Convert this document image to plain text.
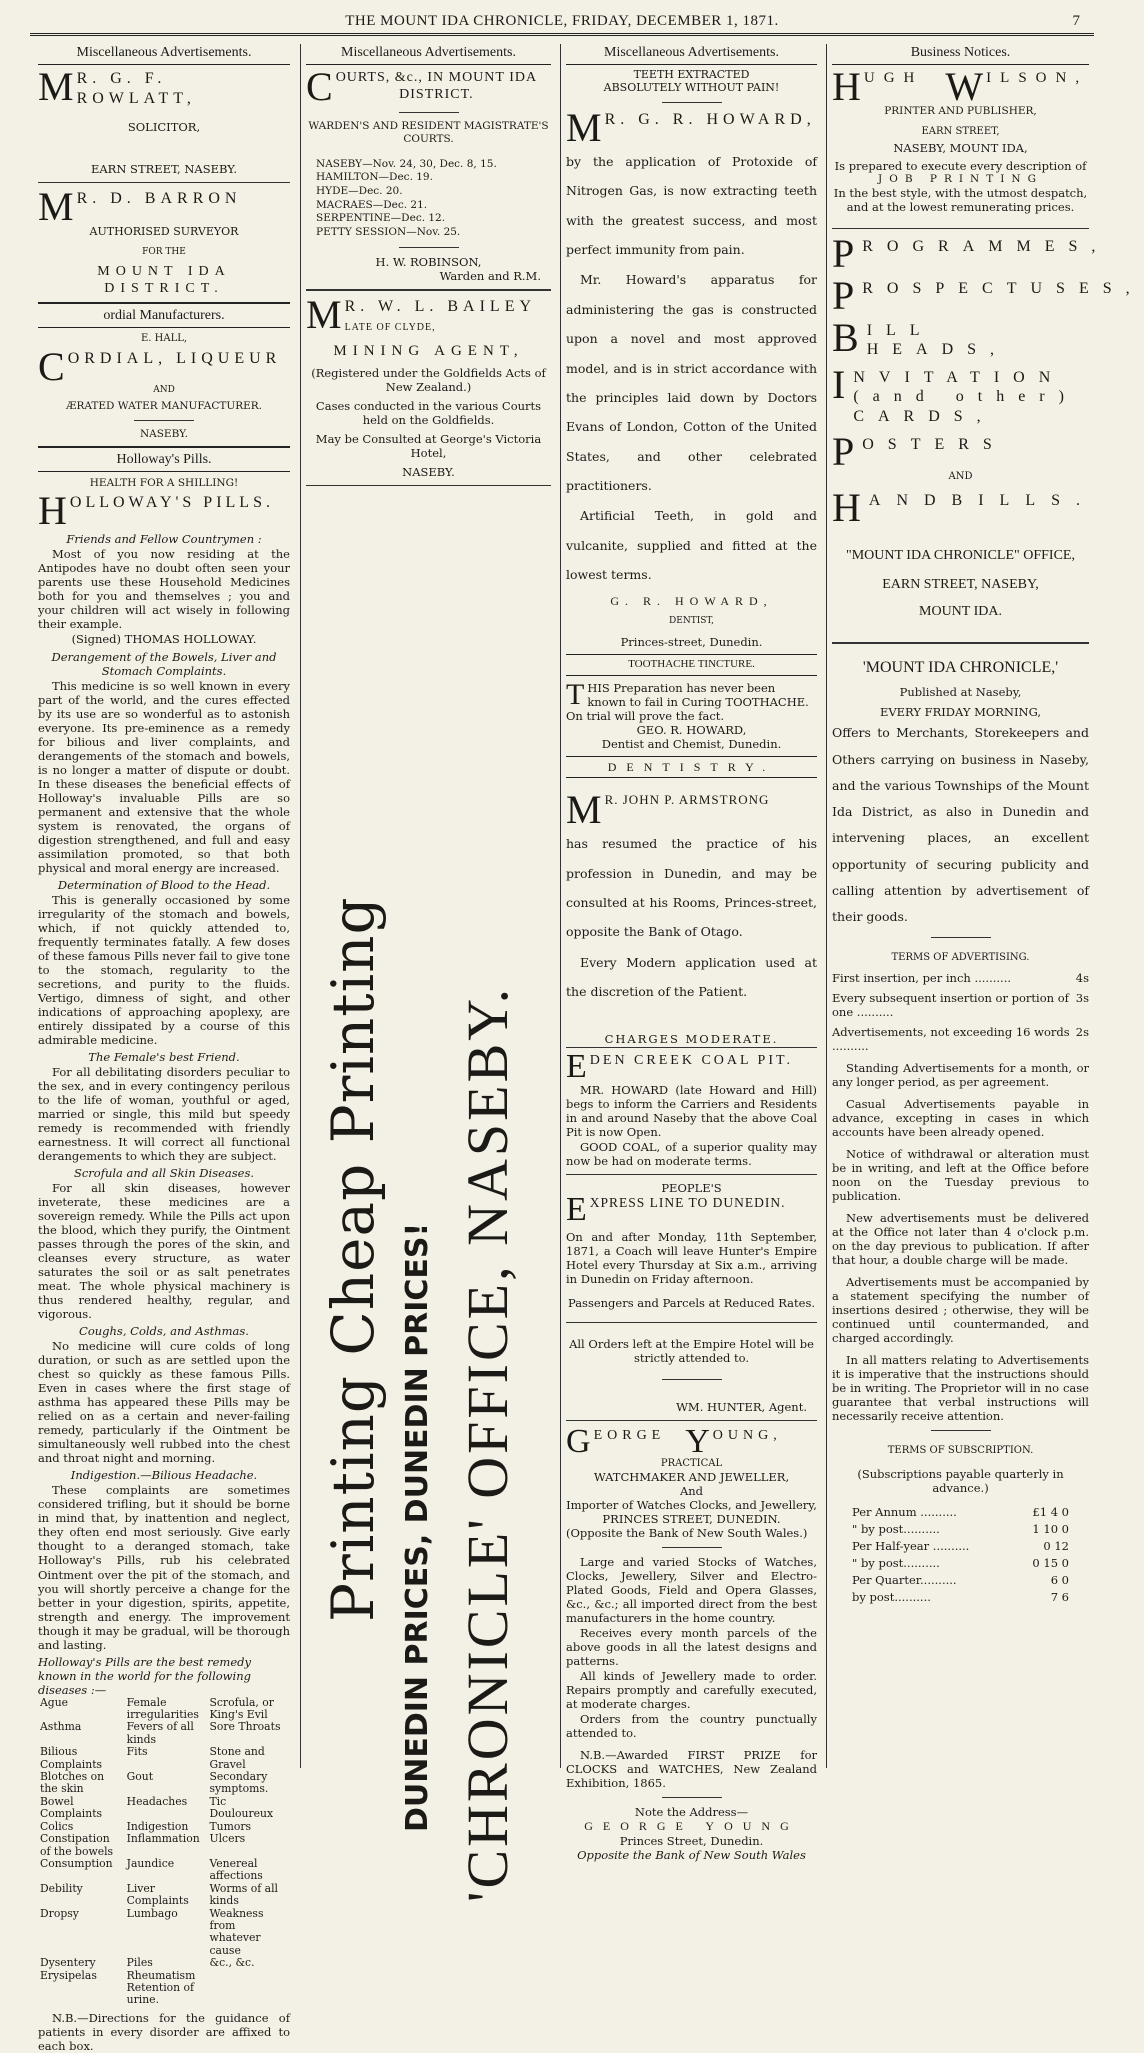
THE MOUNT IDA CHRONICLE, FRIDAY, DECEMBER 1, 1871.	7
Miscellaneous Advertisements.
M R. G. F. ROWLATT,
SOLICITOR,
EARN STREET, NASEBY.
M R. D. BARRON
AUTHORISED SURVEYOR
FOR THE
MOUNT IDA DISTRICT.
ordial Manufacturers.
E. HALL,
C ORDIAL, LIQUEUR
AND
ÆRATED WATER MANUFACTURER.
NASEBY.
Holloway's Pills.
HEALTH FOR A SHILLING!
H OLLOWAY'S PILLS.
Friends and Fellow Countrymen :

Most of you now residing at the Antipodes have no doubt often seen your parents use these Household Medicines both for you and themselves ; you and your children will act wisely in following their example.

(Signed) THOMAS HOLLOWAY.

Derangement of the Bowels, Liver and Stomach Complaints.

This medicine is so well known in every part of the world, and the cures effected by its use are so wonderful as to astonish everyone. Its pre-eminence as a remedy for bilious and liver complaints, and derangements of the stomach and bowels, is no longer a matter of dispute or doubt. In these diseases the beneficial effects of Holloway's invaluable Pills are so permanent and extensive that the whole system is renovated, the organs of digestion strengthened, and full and easy assimilation promoted, so that both physical and moral energy are increased.

Determination of Blood to the Head.

This is generally occasioned by some irregularity of the stomach and bowels, which, if not quickly attended to, frequently terminates fatally. A few doses of these famous Pills never fail to give tone to the stomach, regularity to the secretions, and purity to the fluids. Vertigo, dimness of sight, and other indications of approaching apoplexy, are entirely dissipated by a course of this admirable medicine.

The Female's best Friend.

For all debilitating disorders peculiar to the sex, and in every contingency perilous to the life of woman, youthful or aged, married or single, this mild but speedy remedy is recommended with friendly earnestness. It will correct all functional derangements to which they are subject.

Scrofula and all Skin Diseases.

For all skin diseases, however inveterate, these medicines are a sovereign remedy. While the Pills act upon the blood, which they purify, the Ointment passes through the pores of the skin, and cleanses every structure, as water saturates the soil or as salt penetrates meat. The whole physical machinery is thus rendered healthy, regular, and vigorous.

Coughs, Colds, and Asthmas.

No medicine will cure colds of long duration, or such as are settled upon the chest so quickly as these famous Pills. Even in cases where the first stage of asthma has appeared these Pills may be relied on as a certain and never-failing remedy, particularly if the Ointment be simultaneously well rubbed into the chest and throat night and morning.

Indigestion.—Bilious Headache.

These complaints are sometimes considered trifling, but it should be borne in mind that, by inattention and neglect, they often end most seriously. Give early thought to a deranged stomach, take Holloway's Pills, rub his celebrated Ointment over the pit of the stomach, and you will shortly perceive a change for the better in your digestion, spirits, appetite, strength and energy. The improvement though it may be gradual, will be thorough and lasting.

Holloway's Pills are the best remedy known in the world for the following diseases :—
Ague	Female irregularities	Scrofula, or King's Evil
Asthma	Fevers of all kinds	Sore Throats
Bilious Complaints	Fits	Stone and Gravel
Blotches on the skin	Gout	Secondary symptoms.
Bowel Complaints	Headaches	Tic Douloureux
Colics	Indigestion	Tumors
Constipation of the bowels	Inflammation	Ulcers
Consumption	Jaundice	Venereal affections
Debility	Liver Complaints	Worms of all kinds
Dropsy	Lumbago	Weakness from whatever cause
Dysentery	Piles	&c., &c.
Erysipelas	Rheumatism	
	Retention of urine.	

N.B.—Directions for the guidance of patients in every disorder are affixed to each box.

Miscellaneous Advertisements.
C OURTS, &c., IN MOUNT IDA

DISTRICT.
WARDEN'S AND RESIDENT MAGISTRATE'S COURTS.
NASEBY—Nov. 24, 30, Dec. 8, 15.
HAMILTON—Dec. 19.
HYDE—Dec. 20.
MACRAES—Dec. 21.
SERPENTINE—Dec. 12.
PETTY SESSION—Nov. 25.
H. W. ROBINSON,
Warden and R.M.
M R. W. L. BAILEY
LATE OF CLYDE,
MINING AGENT,

(Registered under the Goldfields Acts of New Zealand.)

Cases conducted in the various Courts held on the Goldfields.

May be Consulted at George's Victoria Hotel,

NASEBY.

Printing Cheap Printing DUNEDIN PRICES, DUNEDIN PRICES! 'CHRONICLE' OFFICE, NASEBY.
Miscellaneous Advertisements.
TEETH EXTRACTED ABSOLUTELY WITHOUT PAIN!
M R. G. R. HOWARD,

by the application of Protoxide of Nitrogen Gas, is now extracting teeth with the greatest success, and most perfect immunity from pain.

Mr. Howard's apparatus for administering the gas is constructed upon a novel and most approved model, and is in strict accordance with the principles laid down by Doctors Evans of London, Cotton of the United States, and other celebrated practitioners.

Artificial Teeth, in gold and vulcanite, supplied and fitted at the lowest terms.

G. R. HOWARD,
DENTIST,
Princes-street, Dunedin.
TOOTHACHE TINCTURE.
T HIS Preparation has never been known to fail in Curing TOOTHACHE.
On trial will prove the fact.
GEO. R. HOWARD,
Dentist and Chemist, Dunedin.
DENTISTRY.
M R. JOHN P. ARMSTRONG

has resumed the practice of his profession in Dunedin, and may be consulted at his Rooms, Princes-street, opposite the Bank of Otago.

Every Modern application used at the discretion of the Patient.

CHARGES MODERATE.
E DEN CREEK COAL PIT.

MR. HOWARD (late Howard and Hill) begs to inform the Carriers and Residents in and around Naseby that the above Coal Pit is now Open.

GOOD COAL, of a superior quality may now be had on moderate terms.

PEOPLE'S
E XPRESS LINE TO DUNEDIN.

On and after Monday, 11th September, 1871, a Coach will leave Hunter's Empire Hotel every Thursday at Six a.m., arriving in Dunedin on Friday afternoon.

Passengers and Parcels at Reduced Rates.

All Orders left at the Empire Hotel will be strictly attended to.

WM. HUNTER, Agent.
G EORGE Y OUNG,
PRACTICAL
WATCHMAKER AND JEWELLER,
And
Importer of Watches Clocks, and Jewellery,
PRINCES STREET, DUNEDIN.
(Opposite the Bank of New South Wales.)

Large and varied Stocks of Watches, Clocks, Jewellery, Silver and Electro-Plated Goods, Field and Opera Glasses, &c., &c.; all imported direct from the best manufacturers in the home country.

Receives every month parcels of the above goods in all the latest designs and patterns.

All kinds of Jewellery made to order. Repairs promptly and carefully executed, at moderate charges.

Orders from the country punctually attended to.

N.B.—Awarded FIRST PRIZE for CLOCKS and WATCHES, New Zealand Exhibition, 1865.

Note the Address—
GEORGE YOUNG
Princes Street, Dunedin.
Opposite the Bank of New South Wales
Business Notices.
H UGH W ILSON,
PRINTER AND PUBLISHER,
EARN STREET,
NASEBY, MOUNT IDA,
Is prepared to execute every description of
JOB PRINTING
In the best style, with the utmost despatch, and at the lowest remunerating prices.
P ROGRAMMES,
P ROSPECTUSES,
B ILL HEADS,
I NVITATION (and other) CARDS,
P OSTERS
AND
H ANDBILLS.
"MOUNT IDA CHRONICLE" OFFICE,
EARN STREET, NASEBY,
MOUNT IDA.
'MOUNT IDA CHRONICLE,'
Published at Naseby,
EVERY FRIDAY MORNING,

Offers to Merchants, Storekeepers and Others carrying on business in Naseby, and the various Townships of the Mount Ida District, as also in Dunedin and intervening places, an excellent opportunity of securing publicity and calling attention by advertisement of their goods.

TERMS OF ADVERTISING.
First insertion, per inch ..........	4s
Every subsequent insertion or portion of one ..........
3s
Advertisements, not exceeding 16 words ..........
2s

Standing Advertisements for a month, or any longer period, as per agreement.

Casual Advertisements payable in advance, excepting in cases in which accounts have been already opened.

Notice of withdrawal or alteration must be in writing, and left at the Office before noon on the Tuesday previous to publication.

New advertisements must be delivered at the Office not later than 4 o'clock p.m. on the day previous to publication. If after that hour, a double charge will be made.

Advertisements must be accompanied by a statement specifying the number of insertions desired ; otherwise, they will be continued until countermanded, and charged accordingly.

In all matters relating to Advertisements it is imperative that the instructions should be in writing. The Proprietor will in no case guarantee that verbal instructions will necessarily receive attention.

TERMS OF SUBSCRIPTION.
(Subscriptions payable quarterly in advance.)
Per Annum ..........	£1 4 0
" by post..........	1 10 0
Per Half-year ..........	0 12
" by post..........	0 15 0
Per Quarter..........	6 0
by post..........	7 6
